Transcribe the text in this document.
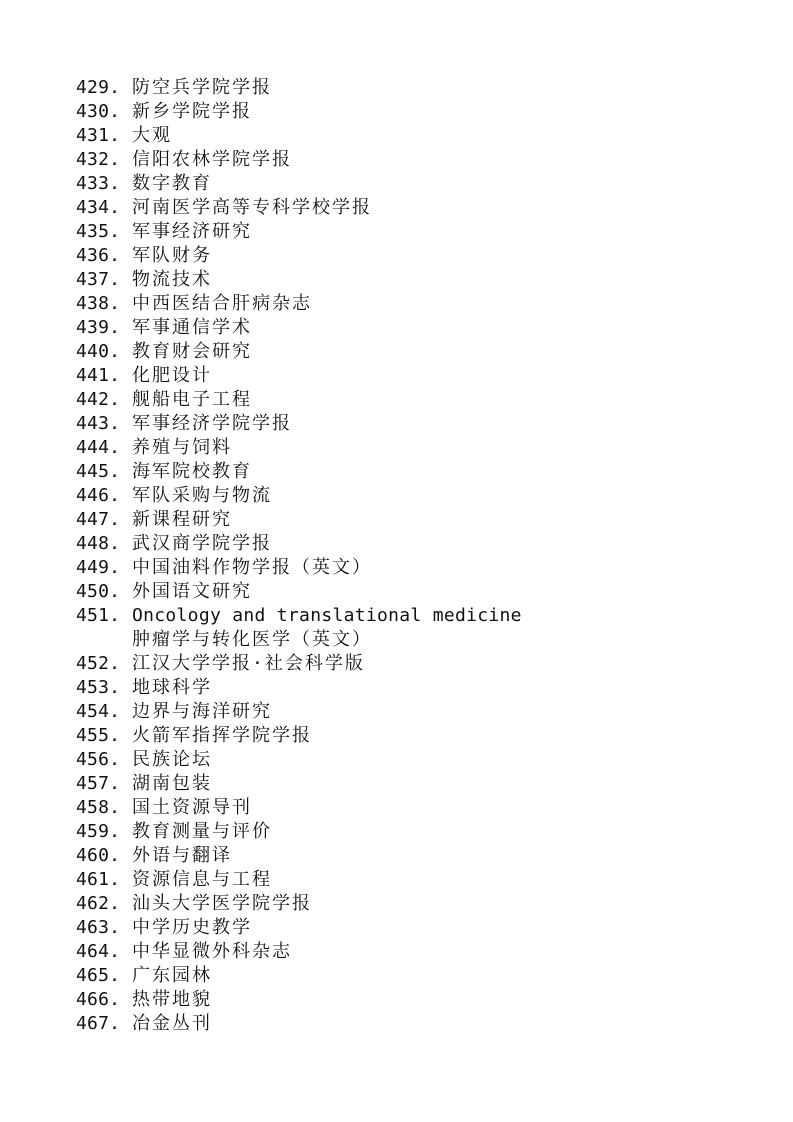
429. 防空兵学院学报
430. 新乡学院学报
431. 大观
432. 信阳农林学院学报
433. 数字教育
434. 河南医学高等专科学校学报
435. 军事经济研究
436. 军队财务
437. 物流技术
438. 中西医结合肝病杂志
439. 军事通信学术
440. 教育财会研究
441. 化肥设计
442. 舰船电子工程
443. 军事经济学院学报
444. 养殖与饲料
445. 海军院校教育
446. 军队采购与物流
447. 新课程研究
448. 武汉商学院学报
449. 中国油料作物学报（英文）
450. 外国语文研究
451. Oncology and translational medicine
肿瘤学与转化医学（英文）
452. 江汉大学学报·社会科学版
453. 地球科学
454. 边界与海洋研究
455. 火箭军指挥学院学报
456. 民族论坛
457. 湖南包装
458. 国土资源导刊
459. 教育测量与评价
460. 外语与翻译
461. 资源信息与工程
462. 汕头大学医学院学报
463. 中学历史教学
464. 中华显微外科杂志
465. 广东园林
466. 热带地貌
467. 冶金丛刊
